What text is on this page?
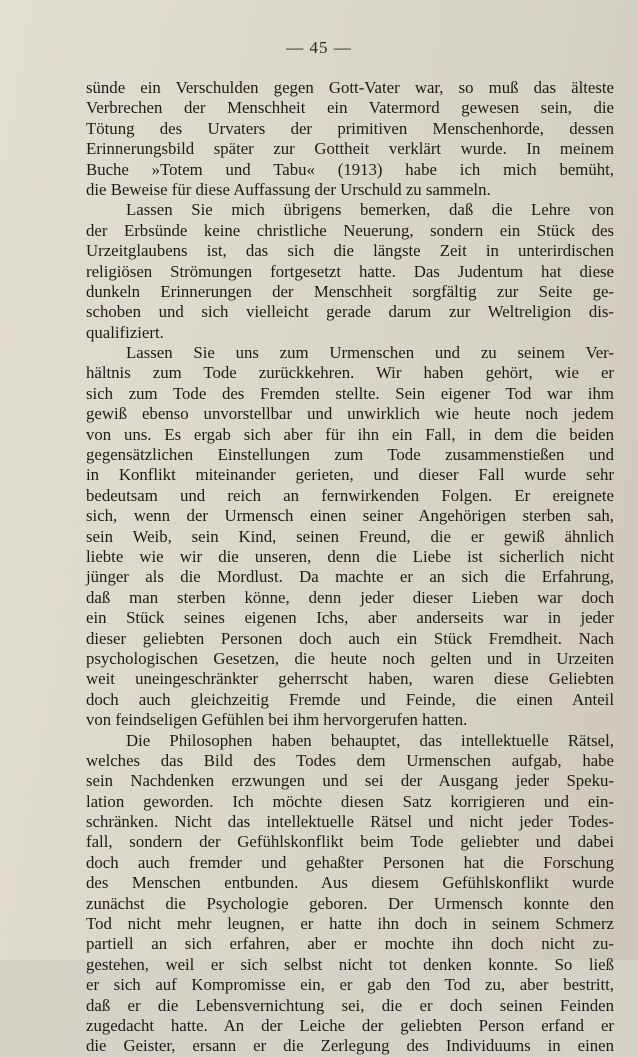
— 45 —
sünde ein Verschulden gegen Gott-Vater war, so muß das älteste
Verbrechen der Menschheit ein Vatermord gewesen sein, die
Tötung des Urvaters der primitiven Menschenhorde, dessen
Erinnerungsbild später zur Gottheit verklärt wurde. In meinem
Buche »Totem und Tabu« (1913) habe ich mich bemüht,
die Beweise für diese Auffassung der Urschuld zu sammeln.
Lassen Sie mich übrigens bemerken, daß die Lehre von
der Erbsünde keine christliche Neuerung, sondern ein Stück des
Urzeitglaubens ist, das sich die längste Zeit in unterirdischen
religiösen Strömungen fortgesetzt hatte. Das Judentum hat diese
dunkeln Erinnerungen der Menschheit sorgfältig zur Seite ge-
schoben und sich vielleicht gerade darum zur Weltreligion dis-
qualifiziert.
Lassen Sie uns zum Urmenschen und zu seinem Ver-
hältnis zum Tode zurückkehren. Wir haben gehört, wie er
sich zum Tode des Fremden stellte. Sein eigener Tod war ihm
gewiß ebenso unvorstellbar und unwirklich wie heute noch jedem
von uns. Es ergab sich aber für ihn ein Fall, in dem die beiden
gegensätzlichen Einstellungen zum Tode zusammenstießen und
in Konflikt miteinander gerieten, und dieser Fall wurde sehr
bedeutsam und reich an fernwirkenden Folgen. Er ereignete
sich, wenn der Urmensch einen seiner Angehörigen sterben sah,
sein Weib, sein Kind, seinen Freund, die er gewiß ähnlich
liebte wie wir die unseren, denn die Liebe ist sicherlich nicht
jünger als die Mordlust. Da machte er an sich die Erfahrung,
daß man sterben könne, denn jeder dieser Lieben war doch
ein Stück seines eigenen Ichs, aber anderseits war in jeder
dieser geliebten Personen doch auch ein Stück Fremdheit. Nach
psychologischen Gesetzen, die heute noch gelten und in Urzeiten
weit uneingeschränkter geherrscht haben, waren diese Geliebten
doch auch gleichzeitig Fremde und Feinde, die einen Anteil
von feindseligen Gefühlen bei ihm hervorgerufen hatten.
Die Philosophen haben behauptet, das intellektuelle Rätsel,
welches das Bild des Todes dem Urmenschen aufgab, habe
sein Nachdenken erzwungen und sei der Ausgang jeder Speku-
lation geworden. Ich möchte diesen Satz korrigieren und ein-
schränken. Nicht das intellektuelle Rätsel und nicht jeder Todes-
fall, sondern der Gefühlskonflikt beim Tode geliebter und dabei
doch auch fremder und gehaßter Personen hat die Forschung
des Menschen entbunden. Aus diesem Gefühlskonflikt wurde
zunächst die Psychologie geboren. Der Urmensch konnte den
Tod nicht mehr leugnen, er hatte ihn doch in seinem Schmerz
partiell an sich erfahren, aber er mochte ihn doch nicht zu-
gestehen, weil er sich selbst nicht tot denken konnte. So ließ
er sich auf Kompromisse ein, er gab den Tod zu, aber bestritt,
daß er die Lebensvernichtung sei, die er doch seinen Feinden
zugedacht hatte. An der Leiche der geliebten Person erfand er
die Geister, ersann er die Zerlegung des Individuums in einen
